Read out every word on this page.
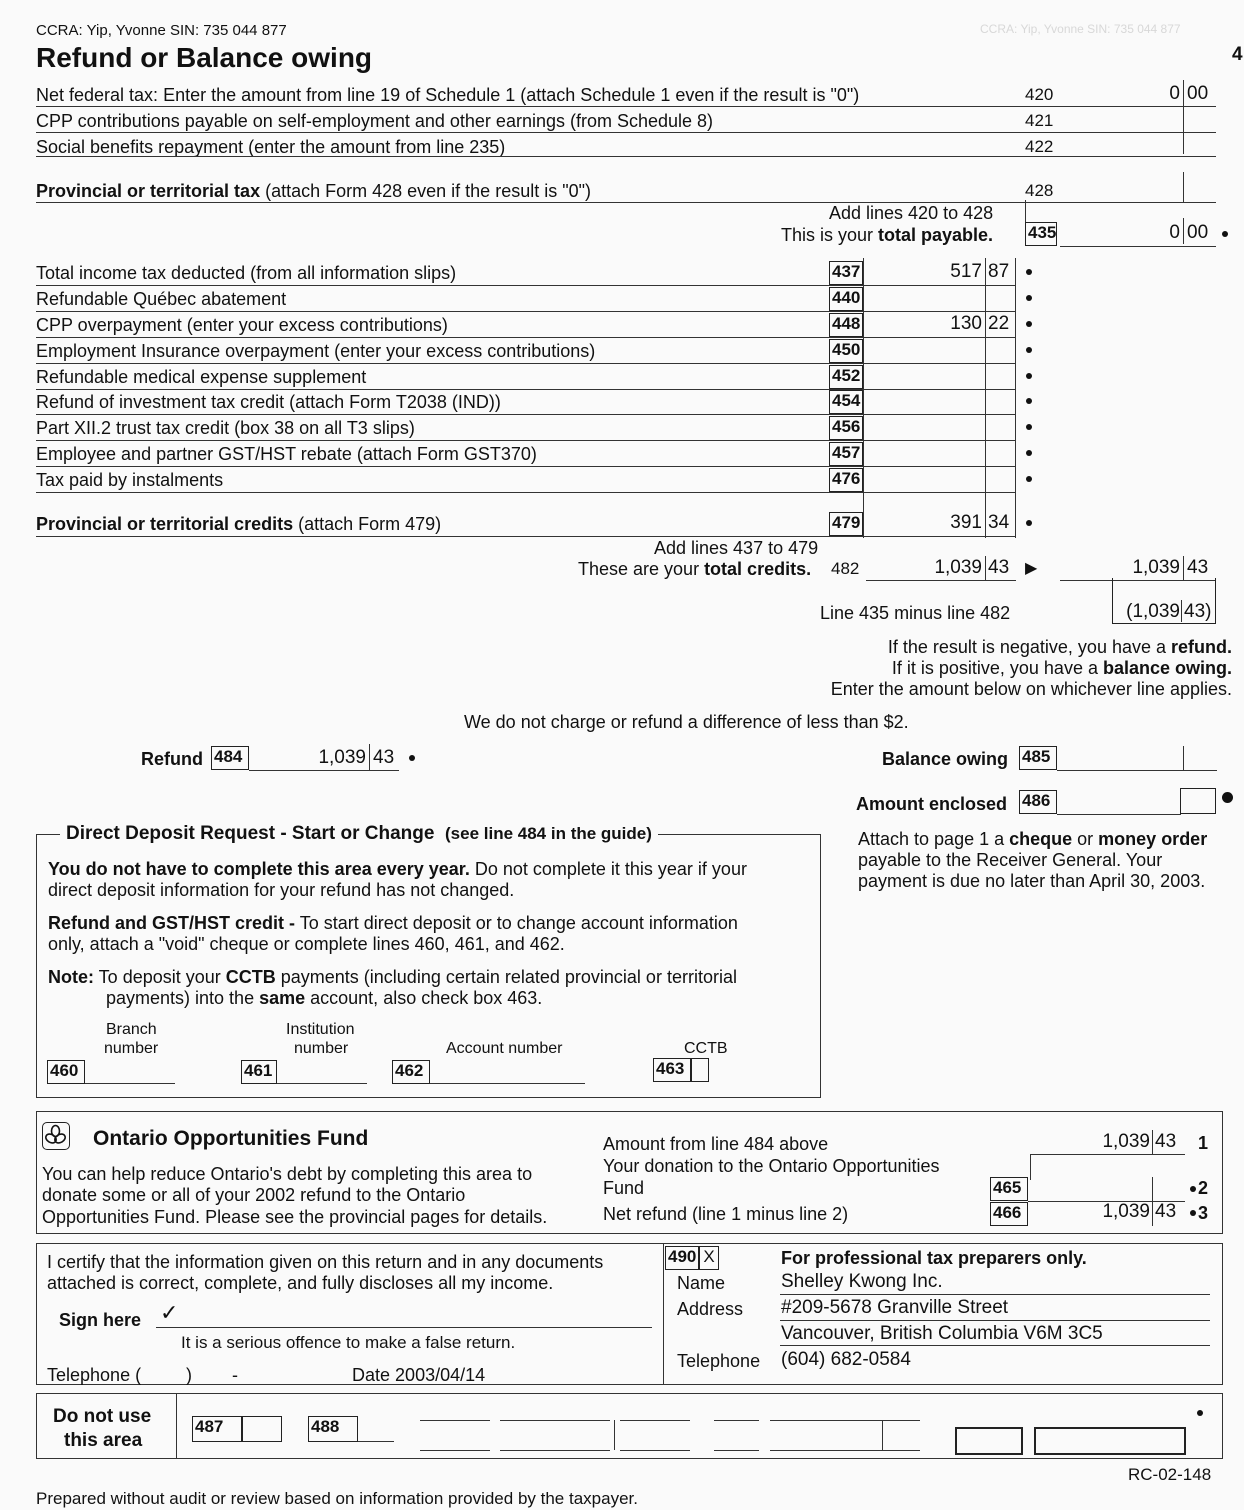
CCRA: Yip, Yvonne SIN: 735 044 877
4
CCRA: Yip, Yvonne SIN: 735 044 877
Refund or Balance owing
Net federal tax: Enter the amount from line 19 of Schedule 1 (attach Schedule 1 even if the result is "0")	420	0 00
CPP contributions payable on self-employment and other earnings (from Schedule 8)	421
Social benefits repayment (enter the amount from line 235)	422
Provincial or territorial tax (attach Form 428 even if the result is "0")	428
Add lines 420 to 428
This is your total payable. 435	0 00
Total income tax deducted (from all information slips)	437	517 87
Refundable Québec abatement	440
CPP overpayment (enter your excess contributions)	448	130 22
Employment Insurance overpayment (enter your excess contributions)	450
Refundable medical expense supplement	452
Refund of investment tax credit (attach Form T2038 (IND))	454
Part XII.2 trust tax credit (box 38 on all T3 slips)	456
Employee and partner GST/HST rebate (attach Form GST370)	457
Tax paid by instalments	476
Provincial or territorial credits (attach Form 479)	479	391 34
Add lines 437 to 479
These are your total credits. 482	1,039 43 ▶	1,039 43
Line 435 minus line 482	(1,039 43)
If the result is negative, you have a refund.
If it is positive, you have a balance owing.
Enter the amount below on whichever line applies.
We do not charge or refund a difference of less than $2.
Refund 484	1,039 43	Balance owing 485
Amount enclosed 486
Attach to page 1 a cheque or money order
payable to the Receiver General. Your
payment is due no later than April 30, 2003.
Direct Deposit Request - Start or Change (see line 484 in the guide)
You do not have to complete this area every year. Do not complete it this year if your
direct deposit information for your refund has not changed.
Refund and GST/HST credit - To start direct deposit or to change account information
only, attach a "void" cheque or complete lines 460, 461, and 462.
Note: To deposit your CCTB payments (including certain related provincial or territorial
payments) into the same account, also check box 463.
Branch
number
460
Institution
number
461
Account number
462
CCTB
463
Ontario Opportunities Fund
You can help reduce Ontario's debt by completing this area to
donate some or all of your 2002 refund to the Ontario
Opportunities Fund. Please see the provincial pages for details.
Amount from line 484 above	1,039 43 1
Your donation to the Ontario Opportunities
Fund	465	2
Net refund (line 1 minus line 2)	466	1,039 43 3
I certify that the information given on this return and in any documents
attached is correct, complete, and fully discloses all my income.
Sign here ✓
It is a serious offence to make a false return.
Telephone ( ) -	Date 2003/04/14
490 X	For professional tax preparers only.
Name	Shelley Kwong Inc.
Address #209-5678 Granville Street
Vancouver, British Columbia V6M 3C5
Telephone (604) 682-0584
Do not use
this area
487	488
RC-02-148
Prepared without audit or review based on information provided by the taxpayer.
